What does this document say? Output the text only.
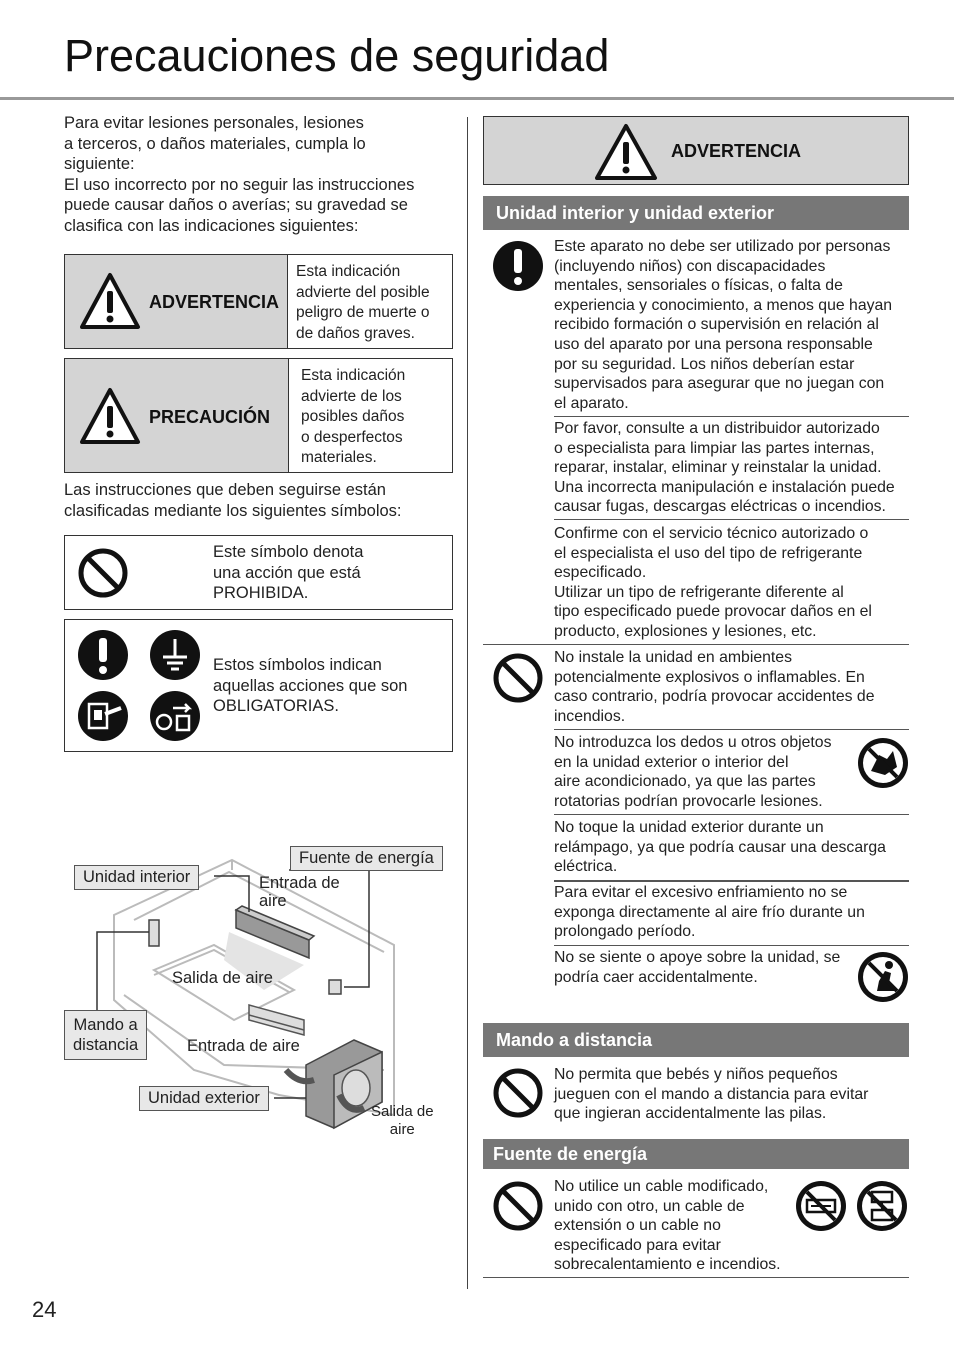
Precauciones de seguridad
Para evitar lesiones personales, lesiones
a terceros, o daños materiales, cumpla lo
siguiente:
El uso incorrecto por no seguir las instrucciones
puede causar daños o averías; su gravedad se
clasifica con las indicaciones siguientes:
ADVERTENCIA
Esta indicación
advierte del posible
peligro de muerte o
de daños graves.
PRECAUCIÓN
Esta indicación
advierte de los
posibles daños
o desperfectos
materiales.
Las instrucciones que deben seguirse están
clasificadas mediante los siguientes símbolos:
Este símbolo denota
una acción que está
PROHIBIDA.
Estos símbolos indican
aquellas acciones que son
OBLIGATORIAS.
Fuente de energía
Unidad interior	Entrada de
aire
Salida de aire
Mando a
distancia	Entrada de aire
Unidad exterior
Salida de
aire
ADVERTENCIA
Unidad interior y unidad exterior
Este aparato no debe ser utilizado por personas
(incluyendo niños) con discapacidades
mentales, sensoriales o físicas, o falta de
experiencia y conocimiento, a menos que hayan
recibido formación o supervisión en relación al
uso del aparato por una persona responsable
por su seguridad. Los niños deberían estar
supervisados para asegurar que no juegan con
el aparato.
Por favor, consulte a un distribuidor autorizado
o especialista para limpiar las partes internas,
reparar, instalar, eliminar y reinstalar la unidad.
Una incorrecta manipulación e instalación puede
causar fugas, descargas eléctricas o incendios.
Confirme con el servicio técnico autorizado o
el especialista el uso del tipo de refrigerante
especificado.
Utilizar un tipo de refrigerante diferente al
tipo especificado puede provocar daños en el
producto, explosiones y lesiones, etc.
No instale la unidad en ambientes
potencialmente explosivos o inflamables. En
caso contrario, podría provocar accidentes de
incendios.
No introduzca los dedos u otros objetos
en la unidad exterior o interior del
aire acondicionado, ya que las partes
rotatorias podrían provocarle lesiones.
No toque la unidad exterior durante un
relámpago, ya que podría causar una descarga
eléctrica.
Para evitar el excesivo enfriamiento no se
exponga directamente al aire frío durante un
prolongado período.
No se siente o apoye sobre la unidad, se
podría caer accidentalmente.
Mando a distancia
No permita que bebés y niños pequeños
jueguen con el mando a distancia para evitar
que ingieran accidentalmente las pilas.
Fuente de energía
No utilice un cable modificado,
unido con otro, un cable de
extensión o un cable no
especificado para evitar
sobrecalentamiento e incendios.
24
